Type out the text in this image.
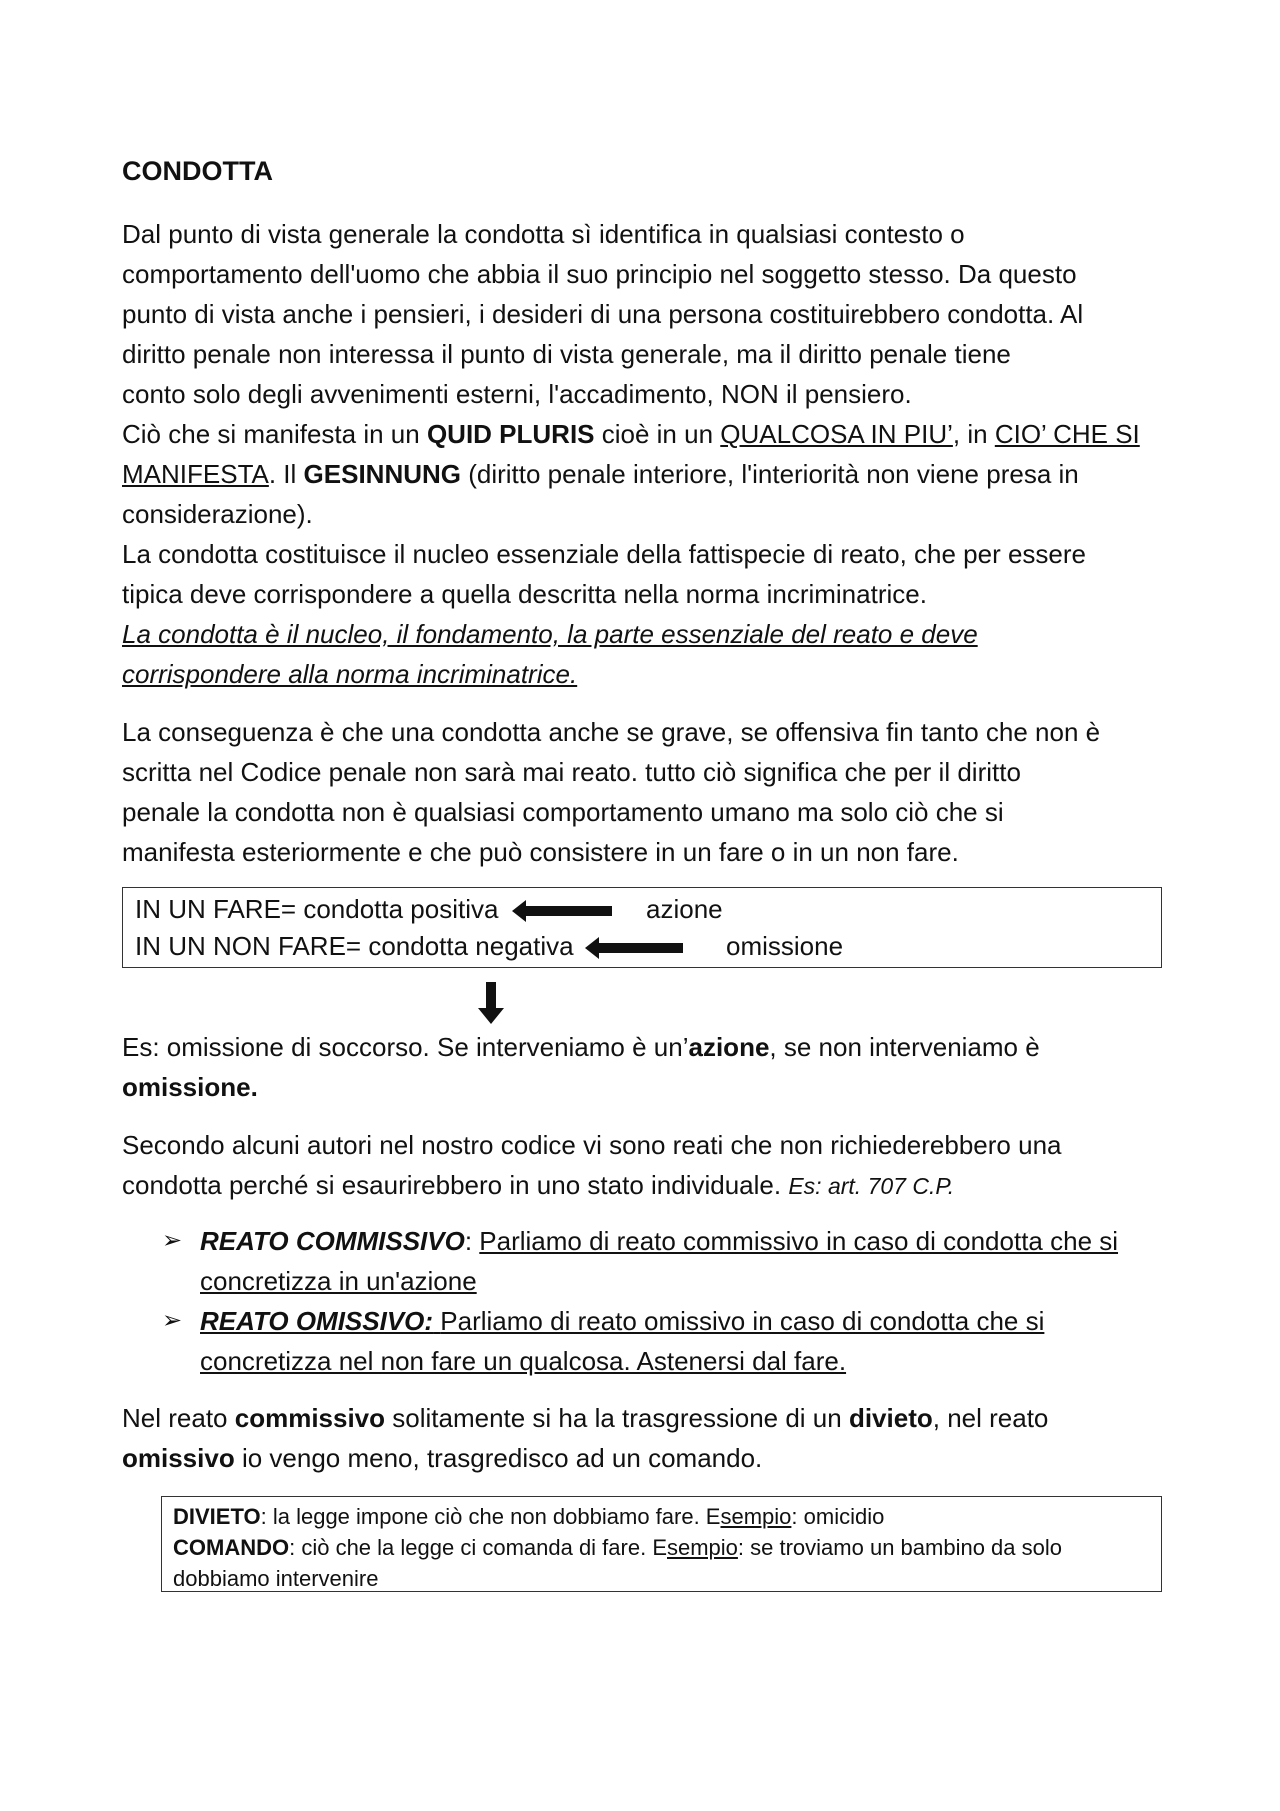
CONDOTTA

Dal punto di vista generale la condotta sì identifica in qualsiasi contesto o

comportamento dell'uomo che abbia il suo principio nel soggetto stesso. Da questo

punto di vista anche i pensieri, i desideri di una persona costituirebbero condotta. Al

diritto penale non interessa il punto di vista generale, ma il diritto penale tiene

conto solo degli avvenimenti esterni, l'accadimento, NON il pensiero.

Ciò che si manifesta in un QUID PLURIS cioè in un QUALCOSA IN PIU’, in CIO’ CHE SI

MANIFESTA. Il GESINNUNG (diritto penale interiore, l'interiorità non viene presa in

considerazione).

La condotta costituisce il nucleo essenziale della fattispecie di reato, che per essere

tipica deve corrispondere a quella descritta nella norma incriminatrice.

La condotta è il nucleo, il fondamento, la parte essenziale del reato e deve

corrispondere alla norma incriminatrice.

La conseguenza è che una condotta anche se grave, se offensiva fin tanto che non è

scritta nel Codice penale non sarà mai reato. tutto ciò significa che per il diritto

penale la condotta non è qualsiasi comportamento umano ma solo ciò che si

manifesta esteriormente e che può consistere in un fare o in un non fare.

IN UN FARE= condotta positiva	azione
IN UN NON FARE= condotta negativa	omissione

Es: omissione di soccorso. Se interveniamo è un’azione, se non interveniamo è

omissione.

Secondo alcuni autori nel nostro codice vi sono reati che non richiederebbero una

condotta perché si esaurirebbero in uno stato individuale. Es: art. 707 C.P.

➢ REATO COMMISSIVO: Parliamo di reato commissivo in caso di condotta che si
concretizza in un'azione
➢ REATO OMISSIVO: Parliamo di reato omissivo in caso di condotta che si
concretizza nel non fare un qualcosa. Astenersi dal fare.

Nel reato commissivo solitamente si ha la trasgressione di un divieto, nel reato

omissivo io vengo meno, trasgredisco ad un comando.

DIVIETO: la legge impone ciò che non dobbiamo fare. Esempio: omicidio
COMANDO: ciò che la legge ci comanda di fare. Esempio: se troviamo un bambino da solo
dobbiamo intervenire
